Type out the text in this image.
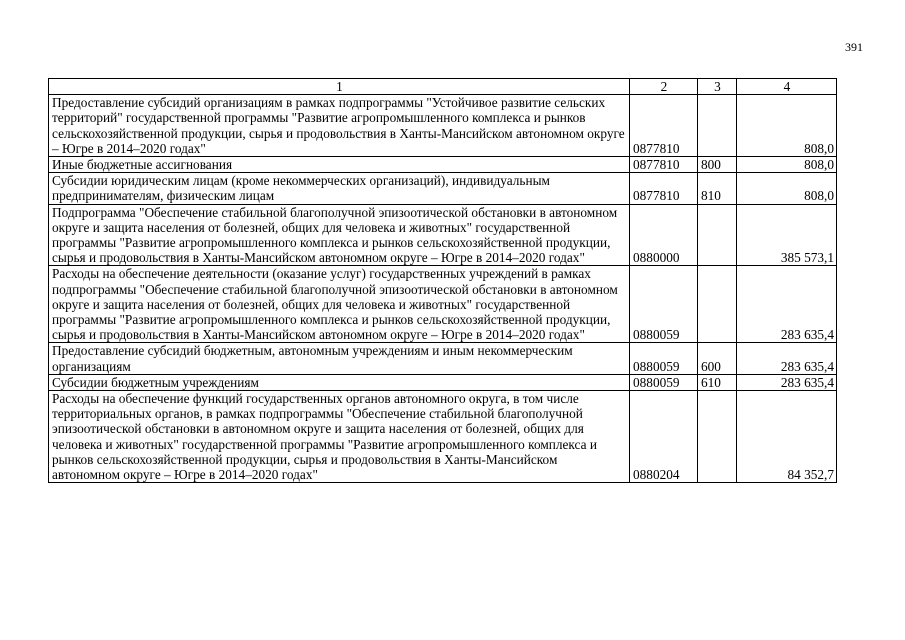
391
1	2	3	4
Предоставление субсидий организациям в рамках подпрограммы "Устойчивое развитие сельских территорий" государственной программы "Развитие агропромышленного комплекса и рынков сельскохозяйственной продукции, сырья и продовольствия в Ханты-Мансийском автономном округе – Югре в 2014–2020 годах"	0877810		808,0
Иные бюджетные ассигнования	0877810	800	808,0
Субсидии юридическим лицам (кроме некоммерческих организаций), индивидуальным предпринимателям, физическим лицам	0877810	810	808,0
Подпрограмма "Обеспечение стабильной благополучной эпизоотической обстановки в автономном округе и защита населения от болезней, общих для человека и животных" государственной программы "Развитие агропромышленного комплекса и рынков сельскохозяйственной продукции, сырья и продовольствия в Ханты-Мансийском автономном округе – Югре в 2014–2020 годах"	0880000		385 573,1
Расходы на обеспечение деятельности (оказание услуг) государственных учреждений в рамках подпрограммы "Обеспечение стабильной благополучной эпизоотической обстановки в автономном округе и защита населения от болезней, общих для человека и животных" государственной программы "Развитие агропромышленного комплекса и рынков сельскохозяйственной продукции, сырья и продовольствия в Ханты-Мансийском автономном округе – Югре в 2014–2020 годах"	0880059		283 635,4
Предоставление субсидий бюджетным, автономным учреждениям и иным некоммерческим организациям	0880059	600	283 635,4
Субсидии бюджетным учреждениям	0880059	610	283 635,4
Расходы на обеспечение функций государственных органов автономного округа, в том числе территориальных органов, в рамках подпрограммы "Обеспечение стабильной благополучной эпизоотической обстановки в автономном округе и защита населения от болезней, общих для человека и животных" государственной программы "Развитие агропромышленного комплекса и рынков сельскохозяйственной продукции, сырья и продовольствия в Ханты-Мансийском автономном округе – Югре в 2014–2020 годах"	0880204		84 352,7
